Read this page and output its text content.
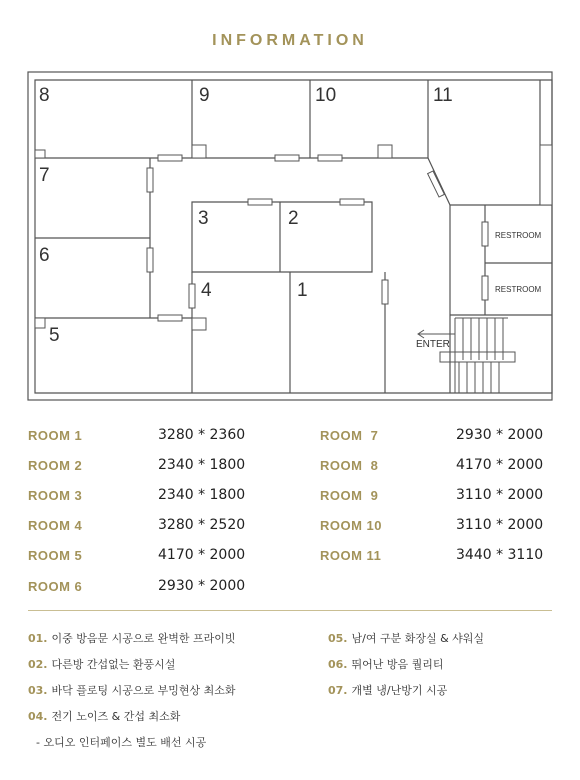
INFORMATION
8	9	10	11
7
3	2
6
4	1
5
RESTROOM
RESTROOM
ENTER
ROOM 1	3280 * 2360
ROOM 2	2340 * 1800
ROOM 3	2340 * 1800
ROOM 4	3280 * 2520
ROOM 5	4170 * 2000
ROOM 6	2930 * 2000
ROOM  7	2930 * 2000
ROOM  8	4170 * 2000
ROOM  9	3110 * 2000
ROOM 10	3110 * 2000
ROOM 11	3440 * 3110
01. 이중 방음문 시공으로 완벽한 프라이빗
02. 다른방 간섭없는 환풍시설
03. 바닥 플로팅 시공으로 부밍현상 최소화
04. 전기 노이즈 & 간섭 최소화
- 오디오 인터페이스 별도 배선 시공
05. 남/여 구분 화장실 & 샤워실
06. 뛰어난 방음 퀄리티
07. 개별 냉/난방기 시공
